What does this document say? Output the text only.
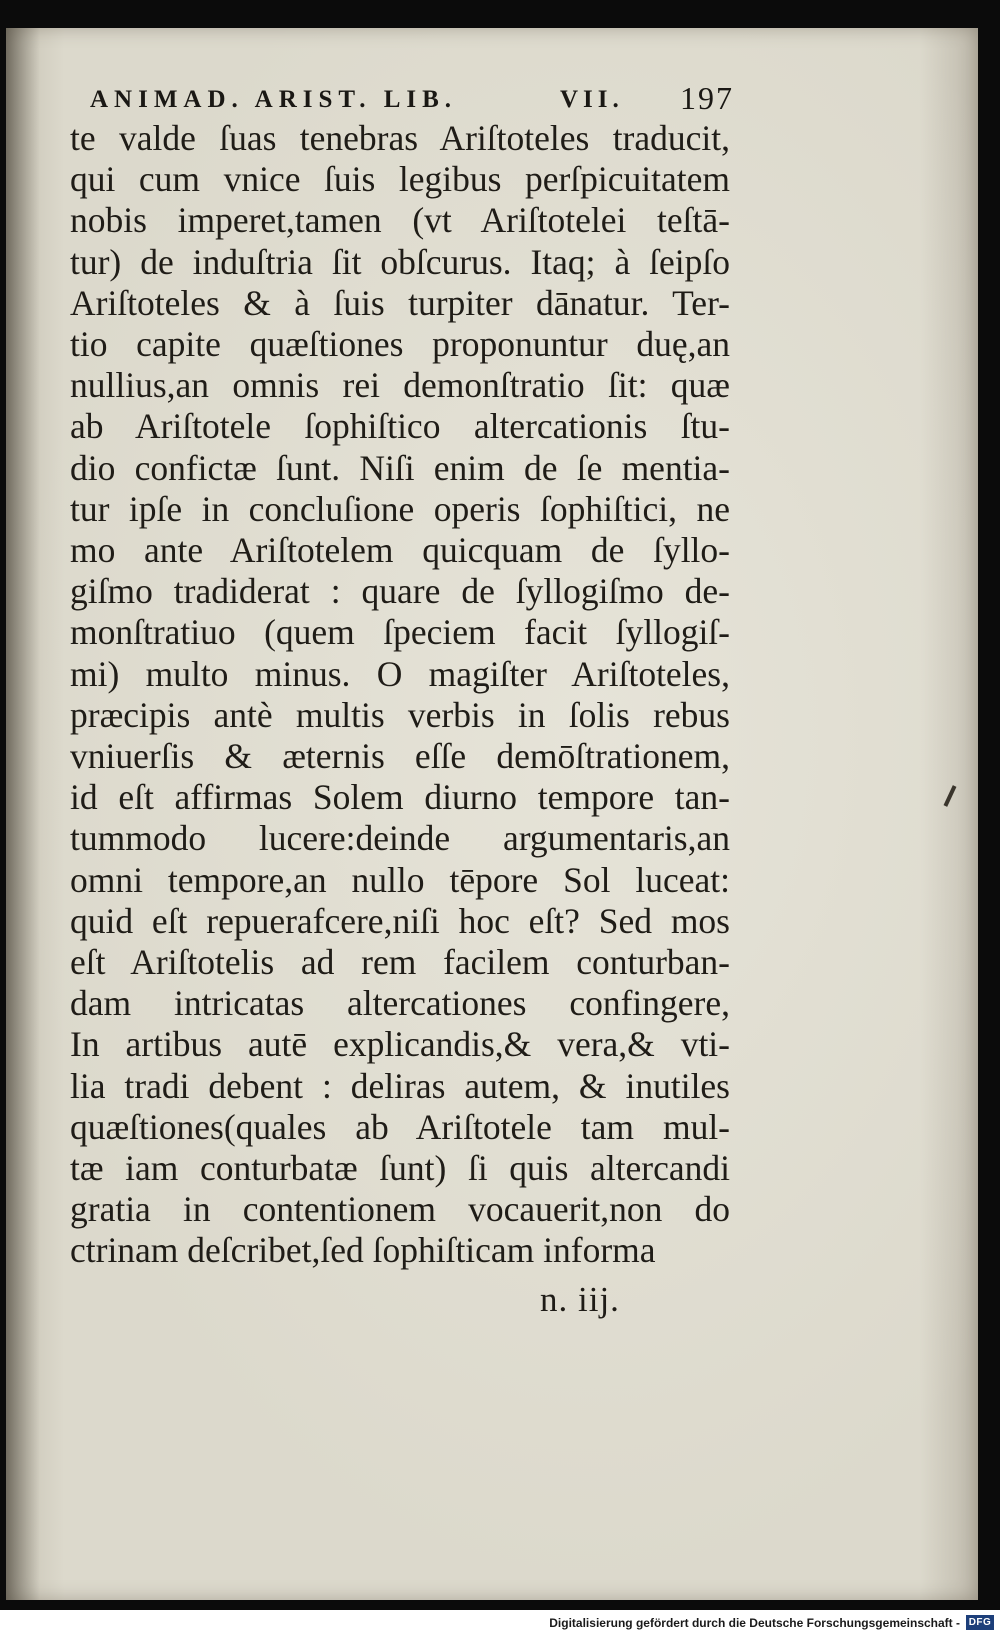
ANIMAD. ARIST. LIB.	VII. 197
te valde ſuas tenebras Ariſtoteles traducit,
qui cum vnice ſuis legibus perſpicuitatem
nobis imperet,tamen (vt Ariſtotelei teſtā-
tur) de induſtria ſit obſcurus. Itaq; à ſeipſo
Ariſtoteles & à ſuis turpiter dānatur. Ter-
tio capite quæſtiones proponuntur duę,an
nullius,an omnis rei demonſtratio ſit: quæ
ab Ariſtotele ſophiſtico altercationis ſtu-
dio confictæ ſunt. Niſi enim de ſe mentia-
tur ipſe in concluſione operis ſophiſtici, ne
mo ante Ariſtotelem quicquam de ſyllo-
giſmo tradiderat : quare de ſyllogiſmo de-
monſtratiuo (quem ſpeciem facit ſyllogiſ-
mi) multo minus. O magiſter Ariſtoteles,
præcipis antè multis verbis in ſolis rebus
vniuerſis & æternis eſſe demōſtrationem,
id eſt affirmas Solem diurno tempore tan-
tummodo lucere:deinde argumentaris,an
omni tempore,an nullo tēpore Sol luceat:
quid eſt repuerafcere,niſi hoc eſt? Sed mos
eſt Ariſtotelis ad rem facilem conturban-
dam intricatas altercationes confingere,
In artibus autē explicandis,& vera,& vti-
lia tradi debent : deliras autem, & inutiles
quæſtiones(quales ab Ariſtotele tam mul-
tæ iam conturbatæ ſunt) ſi quis altercandi
gratia in contentionem vocauerit,non do
ctrinam deſcribet,ſed ſophiſticam informa
n. iij.
Digitalisierung gefördert durch die Deutsche Forschungsgemeinschaft - DFG
